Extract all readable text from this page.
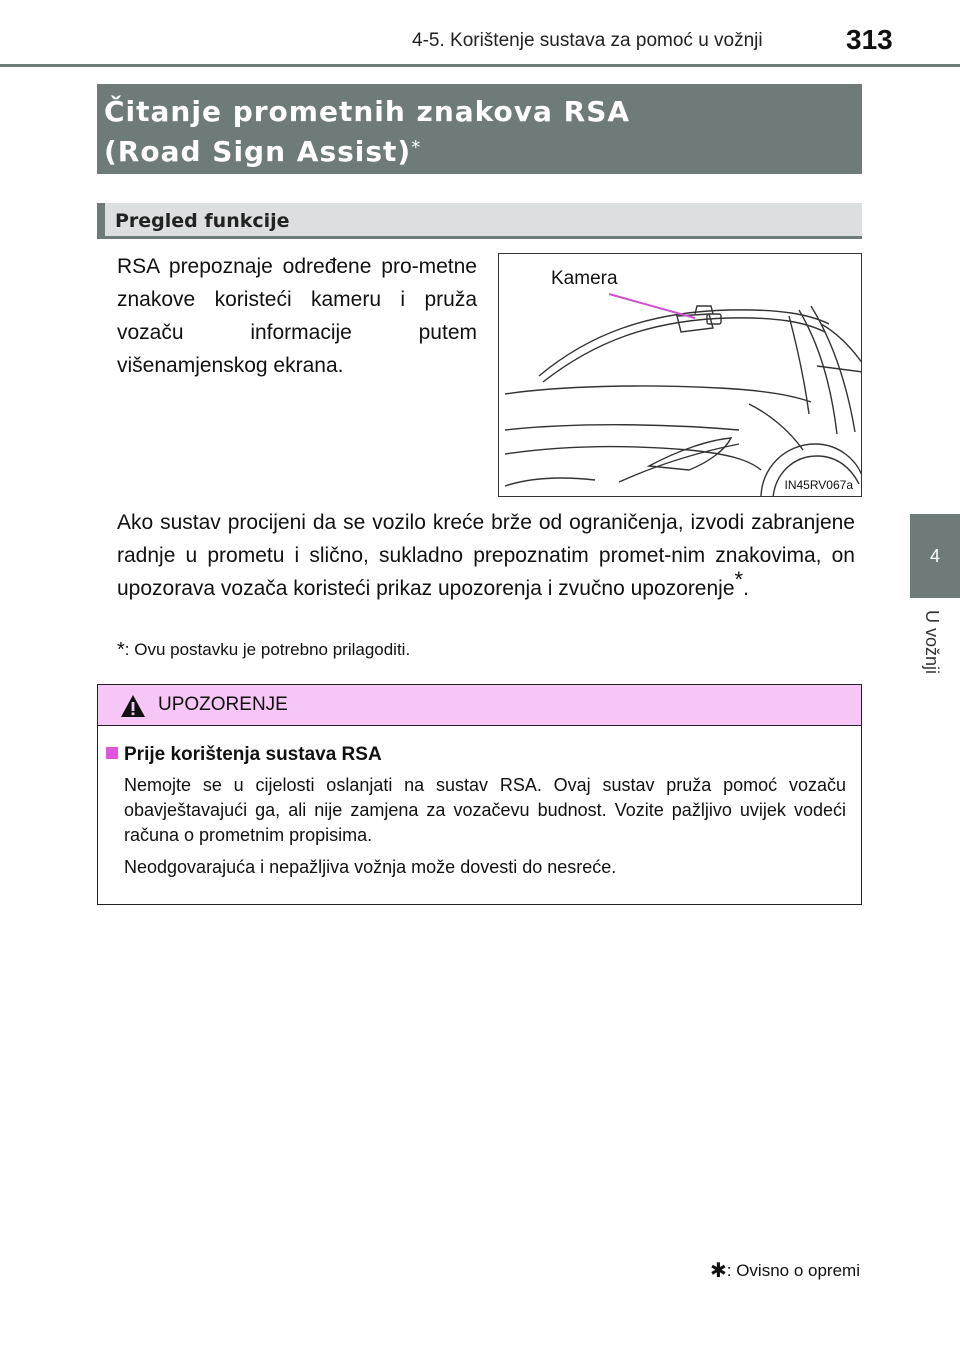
4-5. Korištenje sustava za pomoć u vožnji	313
4
U vožnji
Čitanje prometnih znakova RSA
(Road Sign Assist)*
Pregled funkcije
RSA prepoznaje određene pro-metne znakove koristeći kameru i pruža vozaču informacije putem višenamjenskog ekrana.
Kamera
IN45RV067a
Ako sustav procijeni da se vozilo kreće brže od ograničenja, izvodi zabranjene radnje u prometu i slično, sukladno prepoznatim promet-nim znakovima, on upozorava vozača koristeći prikaz upozorenja i zvučno upozorenje*.
*: Ovu postavku je potrebno prilagoditi.
UPOZORENJE
Prije korištenja sustava RSA
Nemojte se u cijelosti oslanjati na sustav RSA. Ovaj sustav pruža pomoć vozaču obavještavajući ga, ali nije zamjena za vozačevu budnost. Vozite pažljivo uvijek vodeći računa o prometnim propisima.
Neodgovarajuća i nepažljiva vožnja može dovesti do nesreće.
✱: Ovisno o opremi
